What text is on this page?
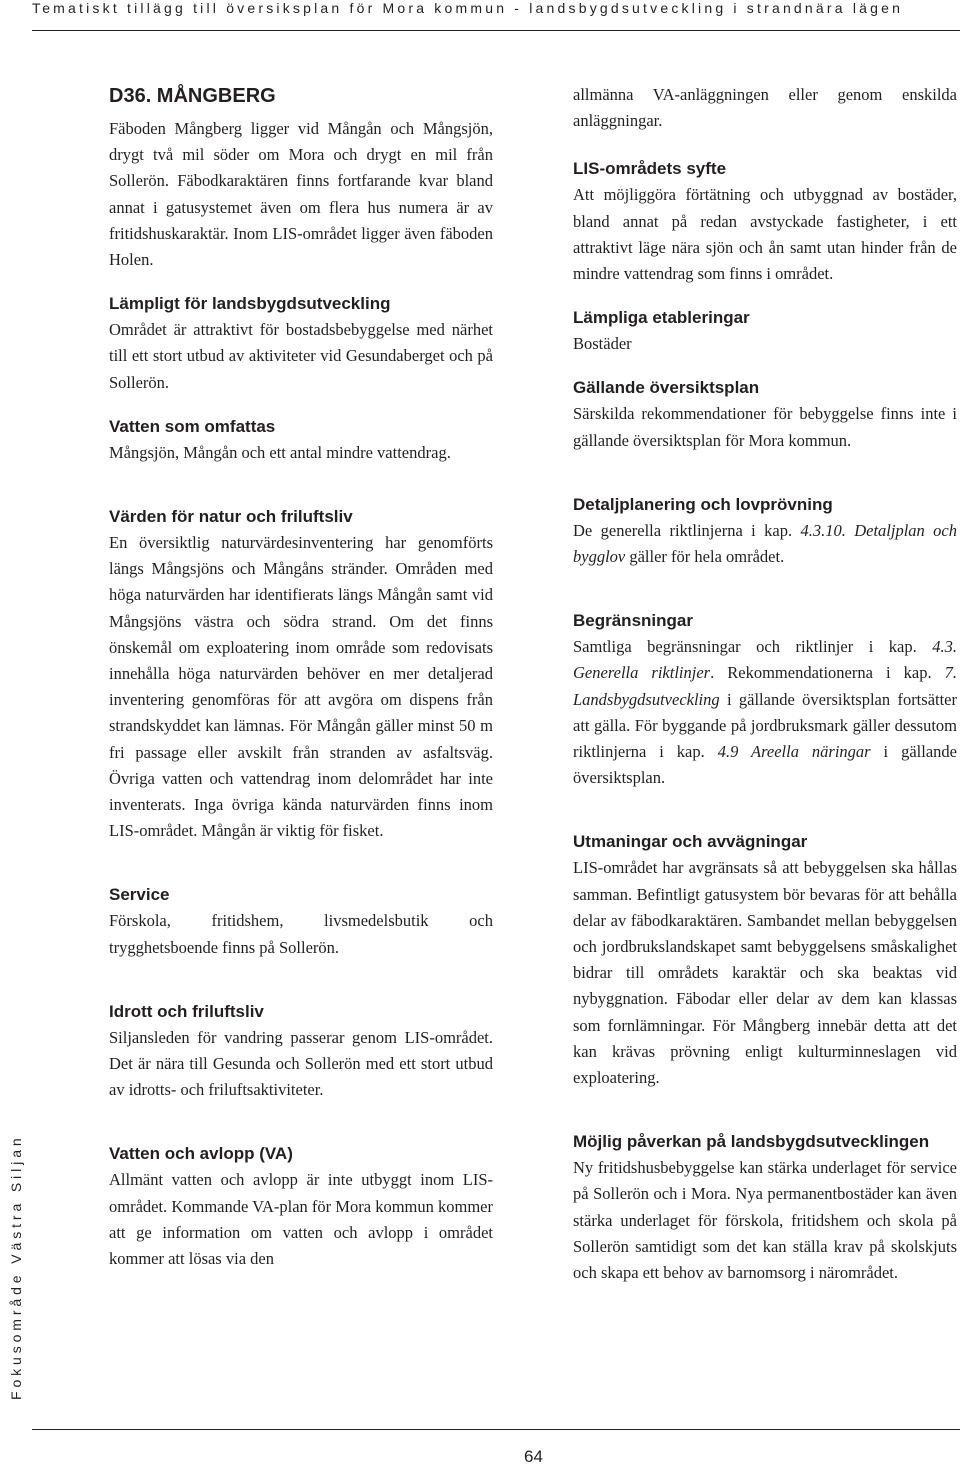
Tematiskt tillägg till översiksplan för Mora kommun - landsbygdsutveckling i strandnära lägen
Fokusområde Västra Siljan
D36. MÅNGBERG

Fäboden Mångberg ligger vid Mångån och Mångsjön, drygt två mil söder om Mora och drygt en mil från Sollerön. Fäbodkaraktären finns fortfarande kvar bland annat i gatusystemet även om flera hus numera är av fritidshuskaraktär. Inom LIS-området ligger även fäboden Holen.

Lämpligt för landsbygdsutveckling

Området är attraktivt för bostadsbebyggelse med närhet till ett stort utbud av aktiviteter vid Gesundaberget och på Sollerön.

Vatten som omfattas

Mångsjön, Mångån och ett antal mindre vattendrag.

Värden för natur och friluftsliv

En översiktlig naturvärdesinventering har genomförts längs Mångsjöns och Mångåns stränder. Områden med höga naturvärden har identifierats längs Mångån samt vid Mångsjöns västra och södra strand. Om det finns önskemål om exploatering inom område som redovisats innehålla höga naturvärden behöver en mer detaljerad inventering genomföras för att avgöra om dispens från strandskyddet kan lämnas. För Mångån gäller minst 50 m fri passage eller avskilt från stranden av asfaltsväg. Övriga vatten och vattendrag inom delområdet har inte inventerats. Inga övriga kända naturvärden finns inom LIS-området. Mångån är viktig för fisket.

Service

Förskola, fritidshem, livsmedelsbutik och trygghetsboende finns på Sollerön.

Idrott och friluftsliv

Siljansleden för vandring passerar genom LIS-området. Det är nära till Gesunda och Sollerön med ett stort utbud av idrotts- och friluftsaktiviteter.

Vatten och avlopp (VA)

Allmänt vatten och avlopp är inte utbyggt inom LIS-området. Kommande VA-plan för Mora kommun kommer att ge information om vatten och avlopp i området kommer att lösas via den

allmänna VA-anläggningen eller genom enskilda anläggningar.

LIS-områdets syfte

Att möjliggöra förtätning och utbyggnad av bostäder, bland annat på redan avstyckade fastigheter, i ett attraktivt läge nära sjön och ån samt utan hinder från de mindre vattendrag som finns i området.

Lämpliga etableringar

Bostäder

Gällande översiktsplan

Särskilda rekommendationer för bebyggelse finns inte i gällande översiktsplan för Mora kommun.

Detaljplanering och lovprövning

De generella riktlinjerna i kap. 4.3.10. Detaljplan och bygglov gäller för hela området.

Begränsningar

Samtliga begränsningar och riktlinjer i kap. 4.3. Generella riktlinjer. Rekommendationerna i kap. 7. Landsbygdsutveckling i gällande översiktsplan fortsätter att gälla. För byggande på jordbruksmark gäller dessutom riktlinjerna i kap. 4.9 Areella näringar i gällande översiktsplan.

Utmaningar och avvägningar

LIS-området har avgränsats så att bebyggelsen ska hållas samman. Befintligt gatusystem bör bevaras för att behålla delar av fäbodkaraktären. Sambandet mellan bebyggelsen och jordbrukslandskapet samt bebyggelsens småskalighet bidrar till områdets karaktär och ska beaktas vid nybyggnation. Fäbodar eller delar av dem kan klassas som fornlämningar. För Mångberg innebär detta att det kan krävas prövning enligt kulturminneslagen vid exploatering.

Möjlig påverkan på landsbygdsutvecklingen

Ny fritidshusbebyggelse kan stärka underlaget för service på Sollerön och i Mora. Nya permanentbostäder kan även stärka underlaget för förskola, fritidshem och skola på Sollerön samtidigt som det kan ställa krav på skolskjuts och skapa ett behov av barnomsorg i närområdet.

64
